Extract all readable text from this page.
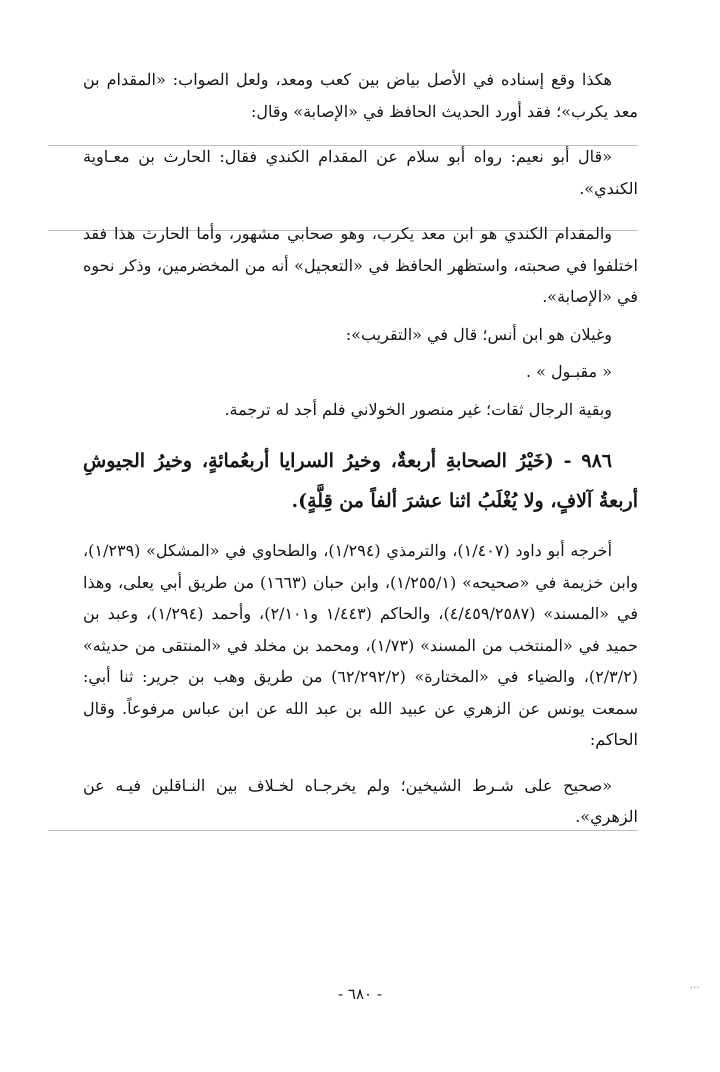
هكذا وقع إسناده في الأصل بياض بين كعب ومعد، ولعل الصواب: «المقدام بن معد يكرب»؛ فقد أورد الحديث الحافظ في «الإصابة» وقال:

«قال أبو نعيم: رواه أبو سلام عن المقدام الكندي فقال: الحارث بن معـاوية الكندي».

والمقدام الكندي هو ابن معد يكرب، وهو صحابي مشهور، وأما الحارث هذا فقد اختلفوا في صحبته، واستظهر الحافظ في «التعجيل» أنه من المخضرمين، وذكر نحوه في «الإصابة».

وغيلان هو ابن أنس؛ قال في «التقريب»:

« مقبـول » .

وبقية الرجال ثقات؛ غير منصور الخولاني فلم أجد له ترجمة.

٩٨٦ - (خَيْرُ الصحابةِ أربعةٌ، وخيرُ السرايا أربعُمائةٍ، وخيرُ الجيوشِ أربعةُ آلافٍ، ولا يُغْلَبُ اثنا عشرَ ألفاً من قِلَّةٍ).

أخرجه أبو داود (١/٤٠٧)، والترمذي (١/٢٩٤)، والطحاوي في «المشكل» (١/٢٣٩)، وابن خزيمة في «صحيحه» (١/٢٥٥/١)، وابن حبان (١٦٦٣) من طريق أبي يعلى، وهذا في «المسند» (٤/٤٥٩/٢٥٨٧)، والحاكم (١/٤٤٣ و٢/١٠١)، وأحمد (١/٢٩٤)، وعبد بن حميد في «المنتخب من المسند» (١/٧٣)، ومحمد بن مخلد في «المنتقى من حديثه» (٢/٣/٢)، والضياء في «المختارة» (٦٢/٢٩٢/٢) من طريق وهب بن جرير: ثنا أبي: سمعت يونس عن الزهري عن عبيد الله بن عبد الله عن ابن عباس مرفوعاً. وقال الحاكم:

«صحيح على شـرط الشيخين؛ ولم يخرجـاه لخـلاف بين النـاقلين فيـه عن الزهري».

- ٦٨٠ -	...
